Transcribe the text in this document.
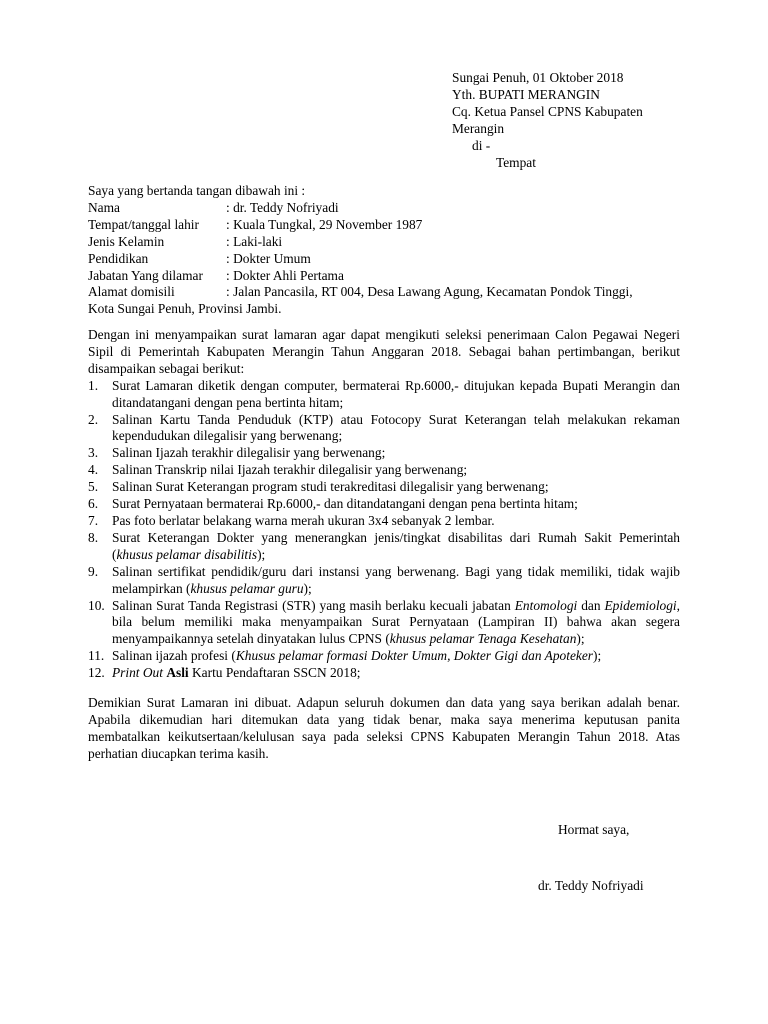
Sungai Penuh, 01 Oktober 2018
Yth. BUPATI MERANGIN
Cq. Ketua Pansel CPNS Kabupaten
Merangin
di -
Tempat
Saya yang bertanda tangan dibawah ini :
Nama	: dr. Teddy Nofriyadi
Tempat/tanggal lahir	: Kuala Tungkal, 29 November 1987
Jenis Kelamin	: Laki-laki
Pendidikan	: Dokter Umum
Jabatan Yang dilamar	: Dokter Ahli Pertama
Alamat domisili	: Jalan Pancasila, RT 004, Desa Lawang Agung, Kecamatan Pondok Tinggi,
Kota Sungai Penuh, Provinsi Jambi.
Dengan ini menyampaikan surat lamaran agar dapat mengikuti seleksi penerimaan Calon Pegawai Negeri Sipil di Pemerintah Kabupaten Merangin Tahun Anggaran 2018. Sebagai bahan pertimbangan, berikut disampaikan sebagai berikut:
1.	Surat Lamaran diketik dengan computer, bermaterai Rp.6000,- ditujukan kepada Bupati Merangin dan ditandatangani dengan pena bertinta hitam;
2.	Salinan Kartu Tanda Penduduk (KTP) atau Fotocopy Surat Keterangan telah melakukan rekaman kependudukan dilegalisir yang berwenang;
3.	Salinan Ijazah terakhir dilegalisir yang berwenang;
4.	Salinan Transkrip nilai Ijazah terakhir dilegalisir yang berwenang;
5.	Salinan Surat Keterangan program studi terakreditasi dilegalisir yang berwenang;
6.	Surat Pernyataan bermaterai Rp.6000,- dan ditandatangani dengan pena bertinta hitam;
7.	Pas foto berlatar belakang warna merah ukuran 3x4 sebanyak 2 lembar.
8.	Surat Keterangan Dokter yang menerangkan jenis/tingkat disabilitas dari Rumah Sakit Pemerintah (khusus pelamar disabilitis);
9.	Salinan sertifikat pendidik/guru dari instansi yang berwenang. Bagi yang tidak memiliki, tidak wajib melampirkan (khusus pelamar guru);
10. Salinan Surat Tanda Registrasi (STR) yang masih berlaku kecuali jabatan Entomologi dan Epidemiologi, bila belum memiliki maka menyampaikan Surat Pernyataan (Lampiran II) bahwa akan segera menyampaikannya setelah dinyatakan lulus CPNS (khusus pelamar Tenaga Kesehatan);
11. Salinan ijazah profesi (Khusus pelamar formasi Dokter Umum, Dokter Gigi dan Apoteker);
12. Print Out Asli Kartu Pendaftaran SSCN 2018;
Demikian Surat Lamaran ini dibuat. Adapun seluruh dokumen dan data yang saya berikan adalah benar. Apabila dikemudian hari ditemukan data yang tidak benar, maka saya menerima keputusan panita membatalkan keikutsertaan/kelulusan saya pada seleksi CPNS Kabupaten Merangin Tahun 2018. Atas perhatian diucapkan terima kasih.
Hormat saya,
dr. Teddy Nofriyadi
